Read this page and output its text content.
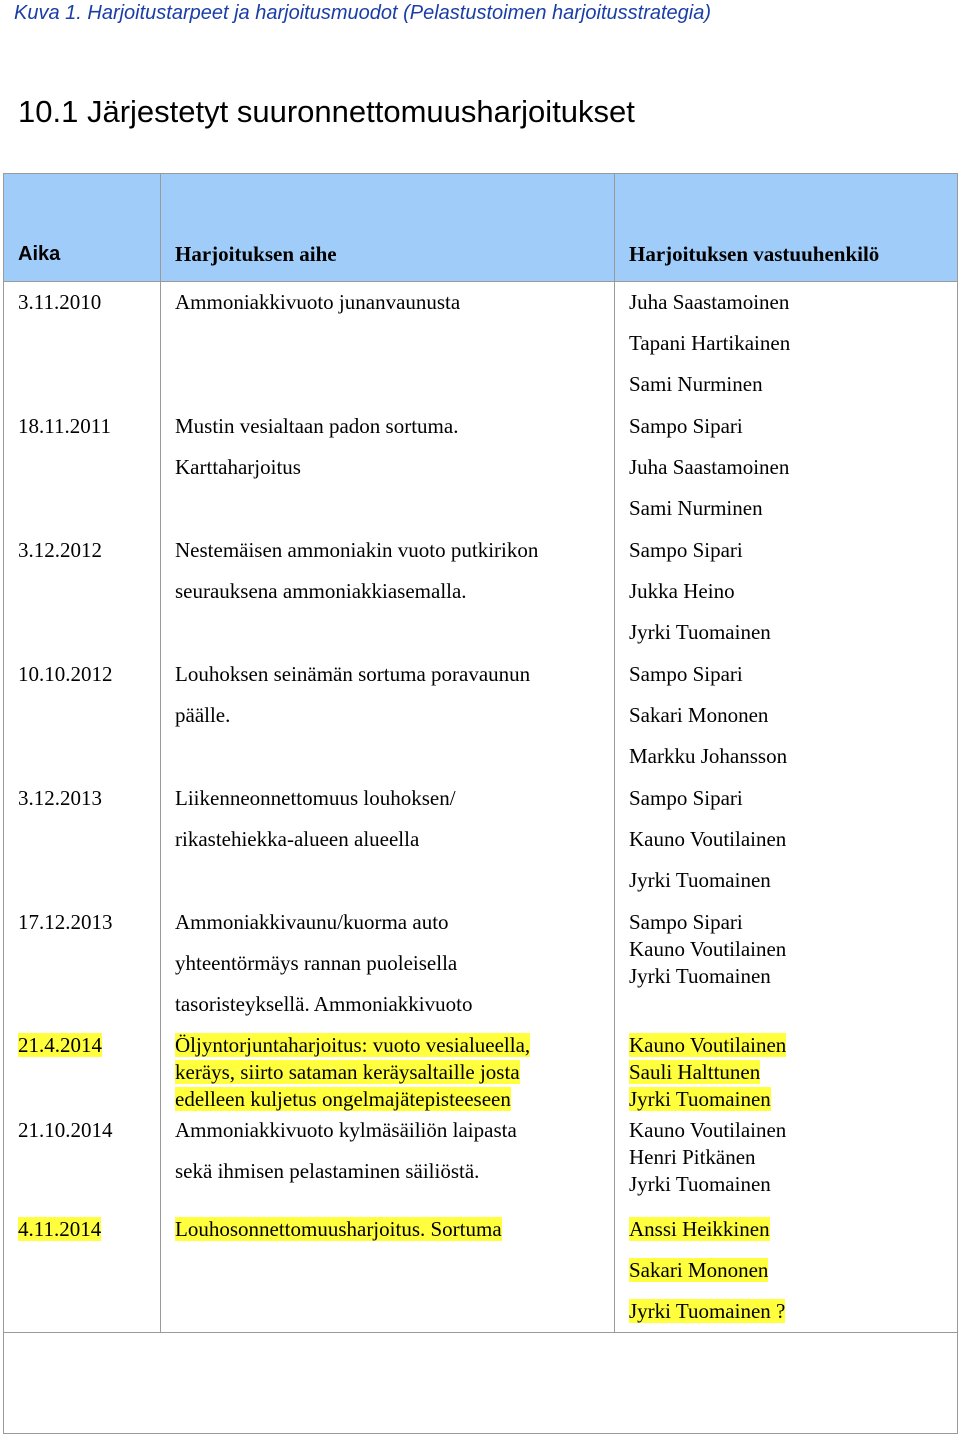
Kuva 1. Harjoitustarpeet ja harjoitusmuodot (Pelastustoimen harjoitusstrategia)
10.1 Järjestetyt suuronnettomuusharjoitukset
Aika	Harjoituksen aihe	Harjoituksen vastuuhenkilö

3.11.2010	Ammoniakkivuoto junanvaunusta	Juha Saastamoinen
Tapani Hartikainen
Sami Nurminen

18.11.2011	Mustin vesialtaan padon sortuma.
Karttaharjoitus	Sampo Sipari
Juha Saastamoinen
Sami Nurminen

3.12.2012	Nestemäisen ammoniakin vuoto putkirikon
seurauksena ammoniakkiasemalla.	Sampo Sipari
Jukka Heino
Jyrki Tuomainen

10.10.2012	Louhoksen seinämän sortuma poravaunun
päälle.	Sampo Sipari
Sakari Mononen
Markku Johansson

3.12.2013	Liikenneonnettomuus louhoksen/
rikastehiekka-alueen alueella	Sampo Sipari
Kauno Voutilainen
Jyrki Tuomainen

17.12.2013	Ammoniakkivaunu/kuorma auto
yhteentörmäys rannan puoleisella
tasoristeyksellä. Ammoniakkivuoto	Sampo Sipari
Kauno Voutilainen
Jyrki Tuomainen

21.4.2014	Öljyntorjuntaharjoitus: vuoto vesialueella,
keräys, siirto sataman keräysaltaille josta
edelleen kuljetus ongelmajätepisteeseen	Kauno Voutilainen
Sauli Halttunen
Jyrki Tuomainen

21.10.2014	Ammoniakkivuoto kylmäsäiliön laipasta
sekä ihmisen pelastaminen säiliöstä.	Kauno Voutilainen
Henri Pitkänen
Jyrki Tuomainen

4.11.2014	Louhosonnettomuusharjoitus. Sortuma	Anssi Heikkinen
Sakari Mononen
Jyrki Tuomainen ?
